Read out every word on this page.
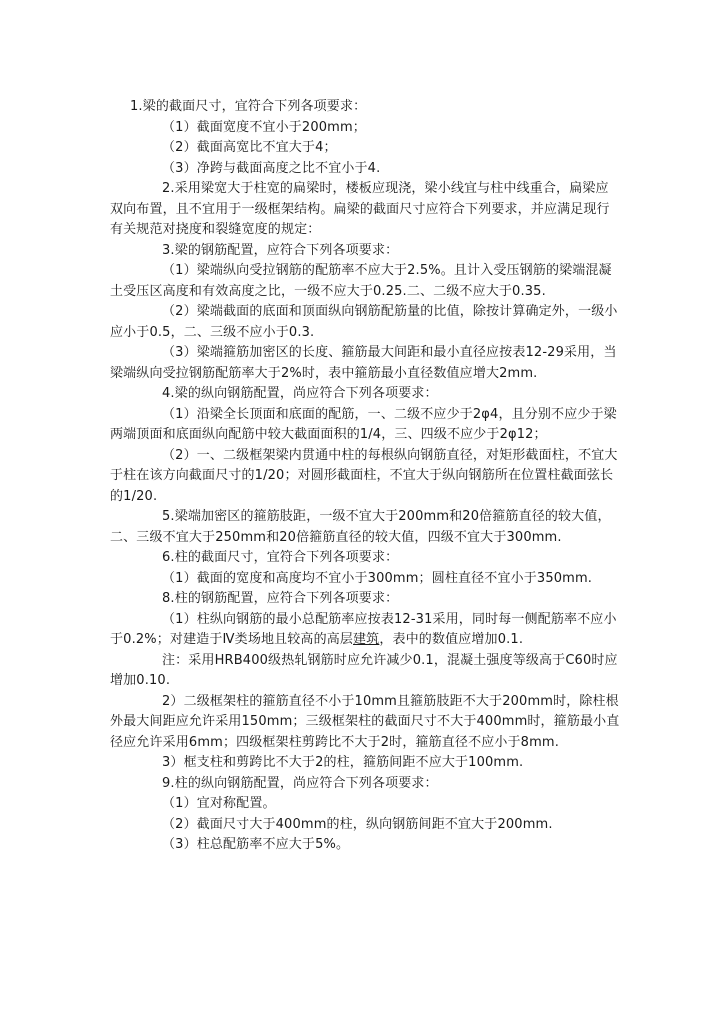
1.梁的截面尺寸，宜符合下列各项要求：

（1）截面宽度不宜小于200mm；

（2）截面高宽比不宜大于4；

（3）净跨与截面高度之比不宜小于4.

2.采用梁宽大于柱宽的扁梁时，楼板应现浇，梁小线宜与柱中线重合，扁梁应双向布置，且不宜用于一级框架结构。扁梁的截面尺寸应符合下列要求，并应满足现行有关规范对挠度和裂缝宽度的规定：

3.梁的钢筋配置，应符合下列各项要求：

（1）梁端纵向受拉钢筋的配筋率不应大于2.5%。且计入受压钢筋的梁端混凝土受压区高度和有效高度之比，一级不应大于0.25.二、二级不应大于0.35.

（2）梁端截面的底面和顶面纵向钢筋配筋量的比值，除按计算确定外，一级小应小于0.5，二、三级不应小于0.3.

（3）梁端箍筋加密区的长度、箍筋最大间距和最小直径应按表12-29采用，当梁端纵向受拉钢筋配筋率大于2%时，表中箍筋最小直径数值应增大2mm.

4.梁的纵向钢筋配置，尚应符合下列各项要求：

（1）沿梁全长顶面和底面的配筋，一、二级不应少于2φ4，且分别不应少于梁两端顶面和底面纵向配筋中较大截面面积的1/4，三、四级不应少于2φ12；

（2）一、二级框架梁内贯通中柱的每根纵向钢筋直径，对矩形截面柱，不宜大于柱在该方向截面尺寸的1/20；对圆形截面柱，不宜大于纵向钢筋所在位置柱截面弦长的1/20.

5.梁端加密区的箍筋肢距，一级不宜大于200mm和20倍箍筋直径的较大值，二、三级不宜大于250mm和20倍箍筋直径的较大值，四级不宜大于300mm.

6.柱的截面尺寸，宜符合下列各项要求：

（1）截面的宽度和高度均不宜小于300mm；圆柱直径不宜小于350mm.

8.柱的钢筋配置，应符合下列各项要求：

（1）柱纵向钢筋的最小总配筋率应按表12-31采用，同时每一侧配筋率不应小于0.2%；对建造于Ⅳ类场地且较高的高层建筑，表中的数值应增加0.1.

注：采用HRB400级热轧钢筋时应允许减少0.1，混凝土强度等级高于C60时应增加0.10.

2）二级框架柱的箍筋直径不小于10mm且箍筋肢距不大于200mm时，除柱根外最大间距应允许采用150mm；三级框架柱的截面尺寸不大于400mm时，箍筋最小直径应允许采用6mm；四级框架柱剪跨比不大于2时，箍筋直径不应小于8mm.

3）框支柱和剪跨比不大于2的柱，箍筋间距不应大于100mm.

9.柱的纵向钢筋配置，尚应符合下列各项要求：

（1）宜对称配置。

（2）截面尺寸大于400mm的柱，纵向钢筋间距不宜大于200mm.

（3）柱总配筋率不应大于5%。
